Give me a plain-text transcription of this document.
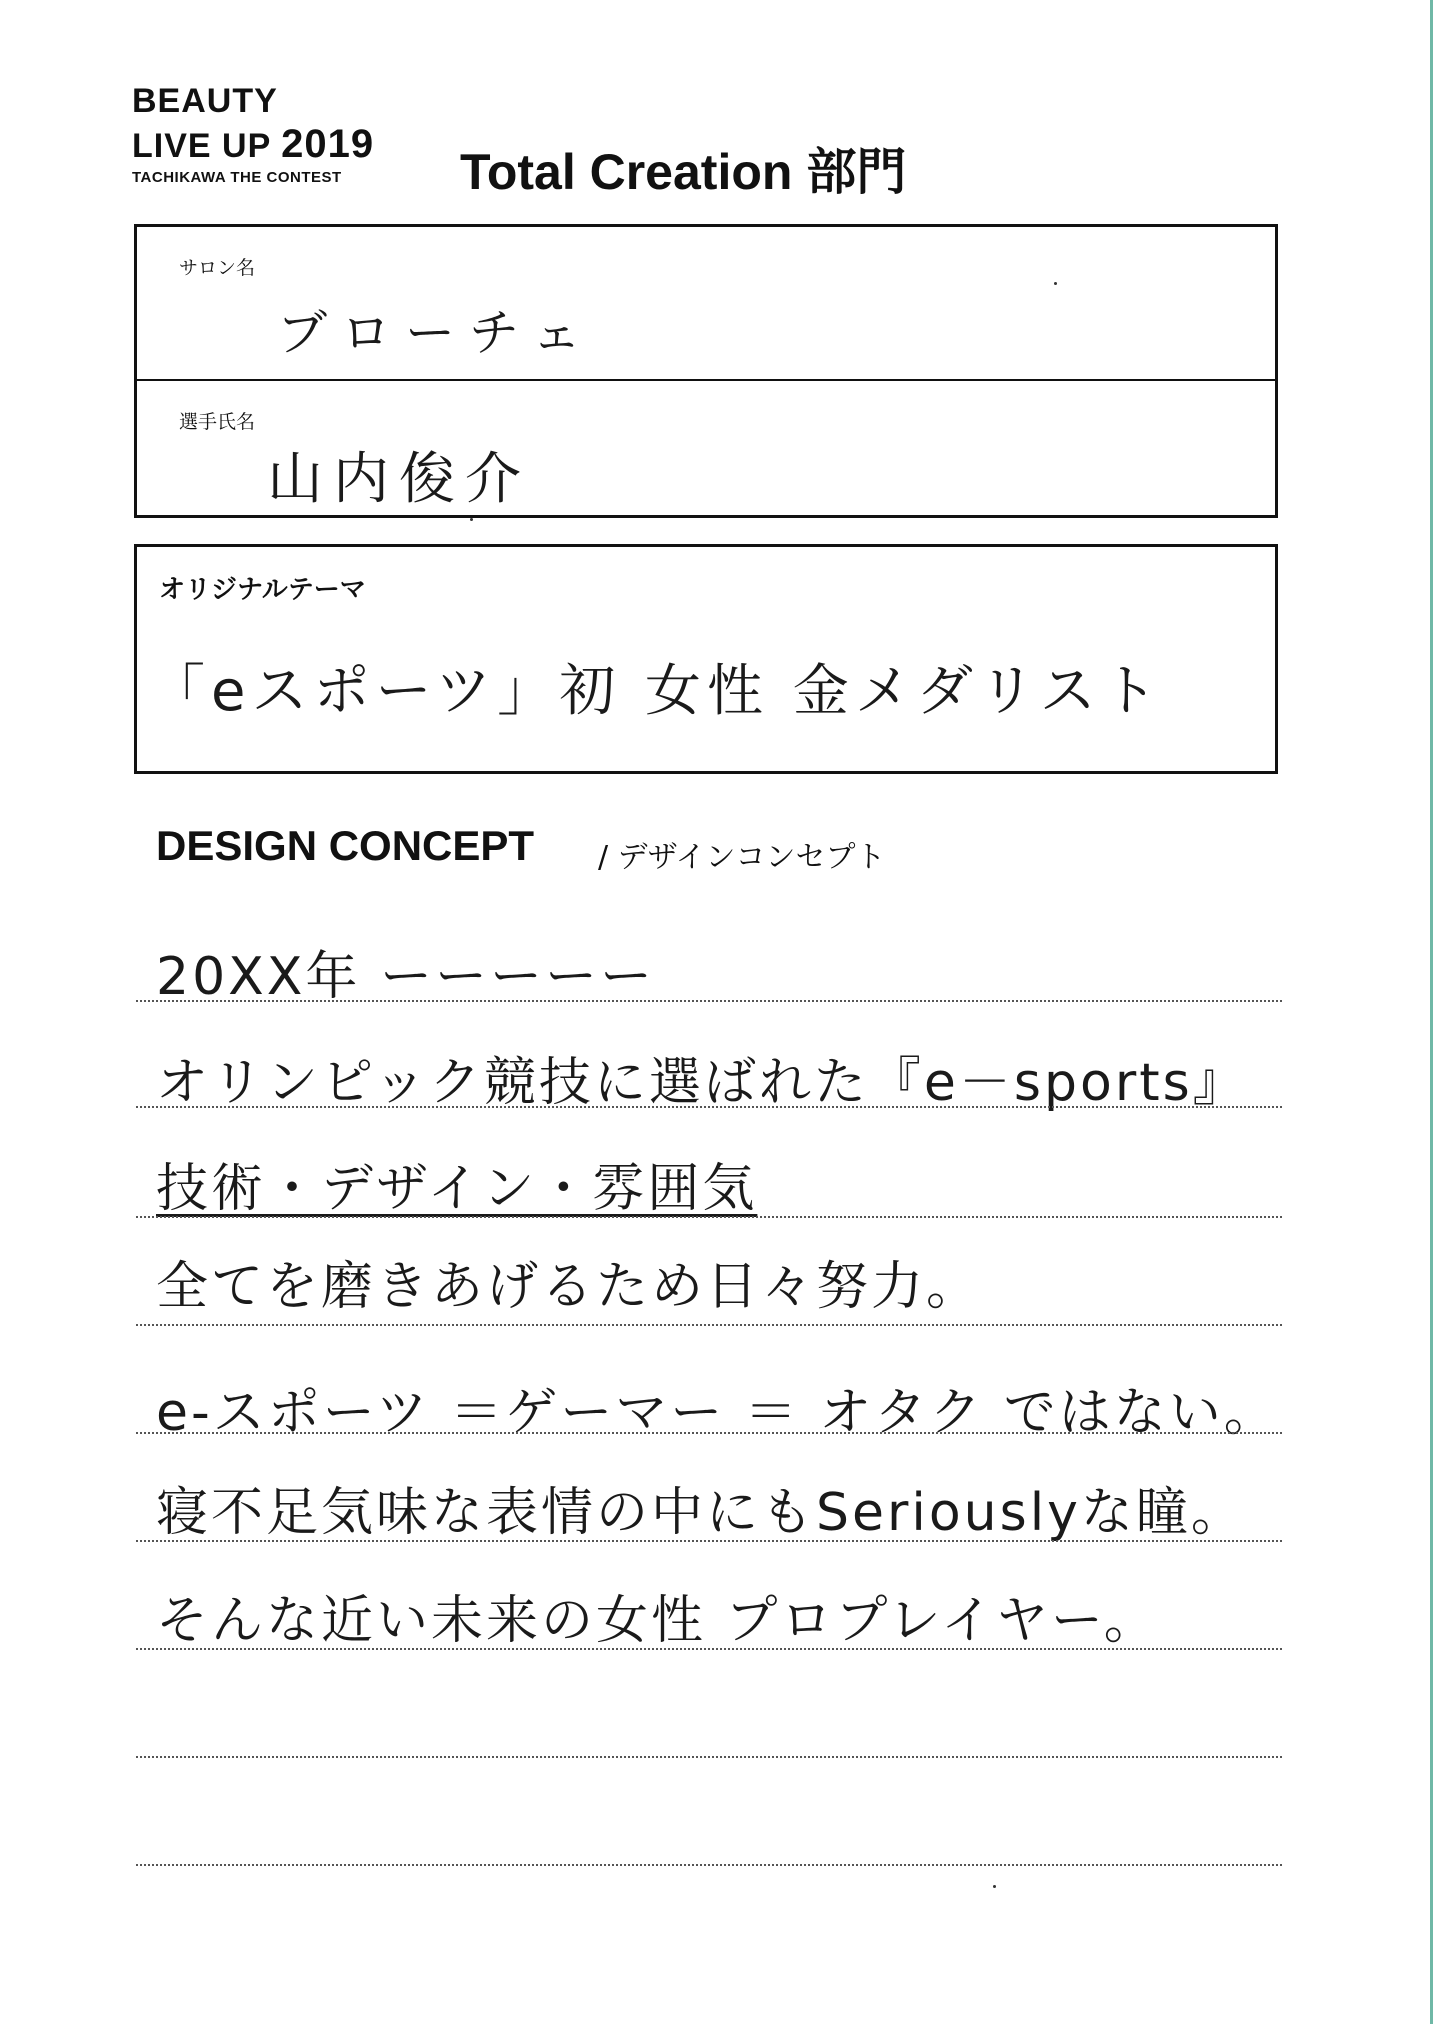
BEAUTY
LIVE UP 2019
TACHIKAWA THE CONTEST	Total Creation 部門
サロン名
ブローチェ
選手氏名
山内俊介
オリジナルテーマ
「eスポーツ」初 女性 金メダリスト
DESIGN CONCEPT / デザインコンセプト
20XX年 ーーーーー
オリンピック競技に選ばれた『e－sports』
技術・デザイン・雰囲気
全てを磨きあげるため日々努力。
e-スポーツ ＝ゲーマー ＝ オタク ではない。
寝不足気味な表情の中にもSeriouslyな瞳。
そんな近い未来の女性 プロプレイヤー。
